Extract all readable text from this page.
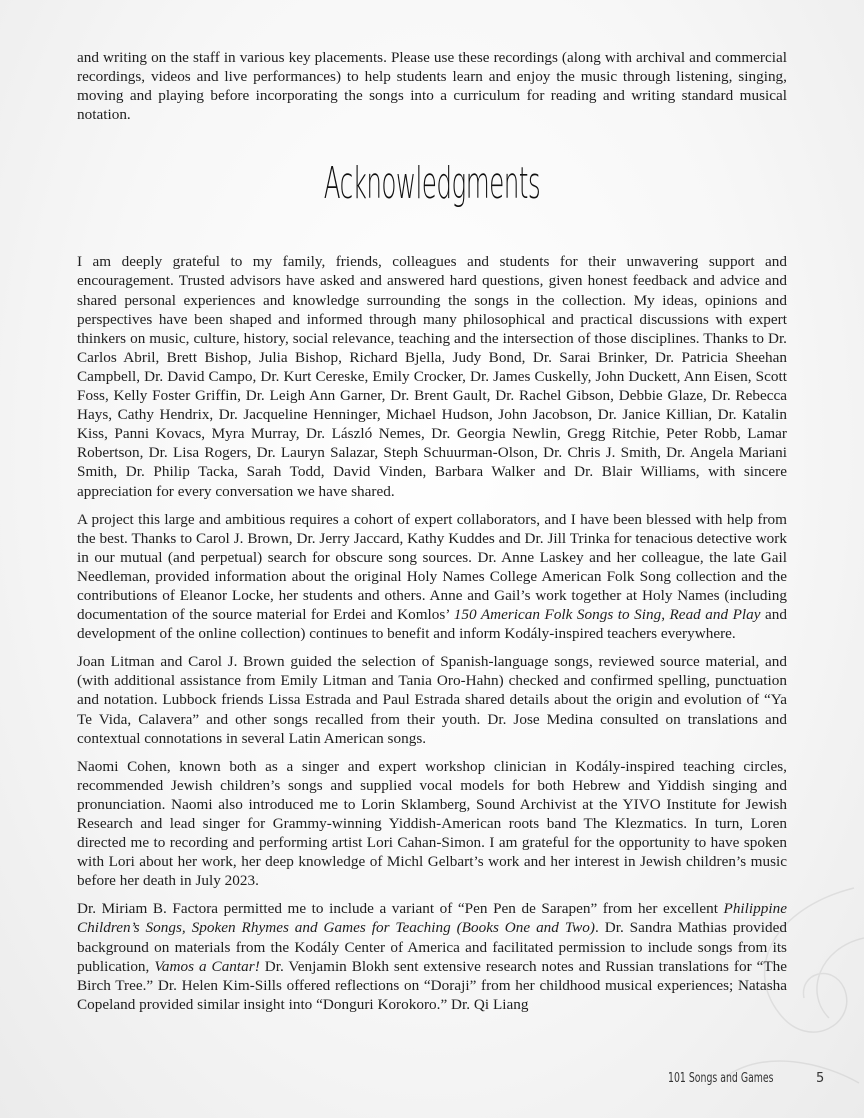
and writing on the staff in various key placements. Please use these recordings (along with archival and commercial recordings, videos and live performances) to help students learn and enjoy the music through listening, singing, moving and playing before incorporating the songs into a curriculum for reading and writing standard musical notation.

Acknowledgments

I am deeply grateful to my family, friends, colleagues and students for their unwavering support and encouragement. Trusted advisors have asked and answered hard questions, given honest feedback and advice and shared personal experiences and knowledge surrounding the songs in the collection. My ideas, opinions and perspectives have been shaped and informed through many philosophical and practical discussions with expert thinkers on music, culture, history, social relevance, teaching and the intersection of those disciplines. Thanks to Dr. Carlos Abril, Brett Bishop, Julia Bishop, Richard Bjella, Judy Bond, Dr. Sarai Brinker, Dr. Patricia Sheehan Campbell, Dr. David Campo, Dr. Kurt Cereske, Emily Crocker, Dr. James Cuskelly, John Duckett, Ann Eisen, Scott Foss, Kelly Foster Griffin, Dr. Leigh Ann Garner, Dr. Brent Gault, Dr. Rachel Gibson, Debbie Glaze, Dr. Rebecca Hays, Cathy Hendrix, Dr. Jacqueline Henninger, Michael Hudson, John Jacobson, Dr. Janice Killian, Dr. Katalin Kiss, Panni Kovacs, Myra Murray, Dr. László Nemes, Dr. Georgia Newlin, Gregg Ritchie, Peter Robb, Lamar Robertson, Dr. Lisa Rogers, Dr. Lauryn Salazar, Steph Schuurman-Olson, Dr. Chris J. Smith, Dr. Angela Mariani Smith, Dr. Philip Tacka, Sarah Todd, David Vinden, Barbara Walker and Dr. Blair Williams, with sincere appreciation for every conversation we have shared.

A project this large and ambitious requires a cohort of expert collaborators, and I have been blessed with help from the best. Thanks to Carol J. Brown, Dr. Jerry Jaccard, Kathy Kuddes and Dr. Jill Trinka for tenacious detective work in our mutual (and perpetual) search for obscure song sources. Dr. Anne Laskey and her colleague, the late Gail Needleman, provided information about the original Holy Names College American Folk Song collection and the contributions of Eleanor Locke, her students and others. Anne and Gail’s work together at Holy Names (including documentation of the source material for Erdei and Komlos’ 150 American Folk Songs to Sing, Read and Play and development of the online collection) continues to benefit and inform Kodály-inspired teachers everywhere.

Joan Litman and Carol J. Brown guided the selection of Spanish-language songs, reviewed source material, and (with additional assistance from Emily Litman and Tania Oro-Hahn) checked and confirmed spelling, punctuation and notation. Lubbock friends Lissa Estrada and Paul Estrada shared details about the origin and evolution of “Ya Te Vida, Calavera” and other songs recalled from their youth. Dr. Jose Medina consulted on translations and contextual connotations in several Latin American songs.

Naomi Cohen, known both as a singer and expert workshop clinician in Kodály-inspired teaching circles, recommended Jewish children’s songs and supplied vocal models for both Hebrew and Yiddish singing and pronunciation. Naomi also introduced me to Lorin Sklamberg, Sound Archivist at the YIVO Institute for Jewish Research and lead singer for Grammy-winning Yiddish-American roots band The Klezmatics. In turn, Loren directed me to recording and performing artist Lori Cahan-Simon. I am grateful for the opportunity to have spoken with Lori about her work, her deep knowledge of Michl Gelbart’s work and her interest in Jewish children’s music before her death in July 2023.

Dr. Miriam B. Factora permitted me to include a variant of “Pen Pen de Sarapen” from her excellent Philippine Children’s Songs, Spoken Rhymes and Games for Teaching (Books One and Two). Dr. Sandra Mathias provided background on materials from the Kodály Center of America and facilitated permission to include songs from its publication, Vamos a Cantar! Dr. Venjamin Blokh sent extensive research notes and Russian translations for “The Birch Tree.” Dr. Helen Kim-Sills offered reflections on “Doraji” from her childhood musical experiences; Natasha Copeland provided similar insight into “Donguri Korokoro.” Dr. Qi Liang

101 Songs and Games	5
